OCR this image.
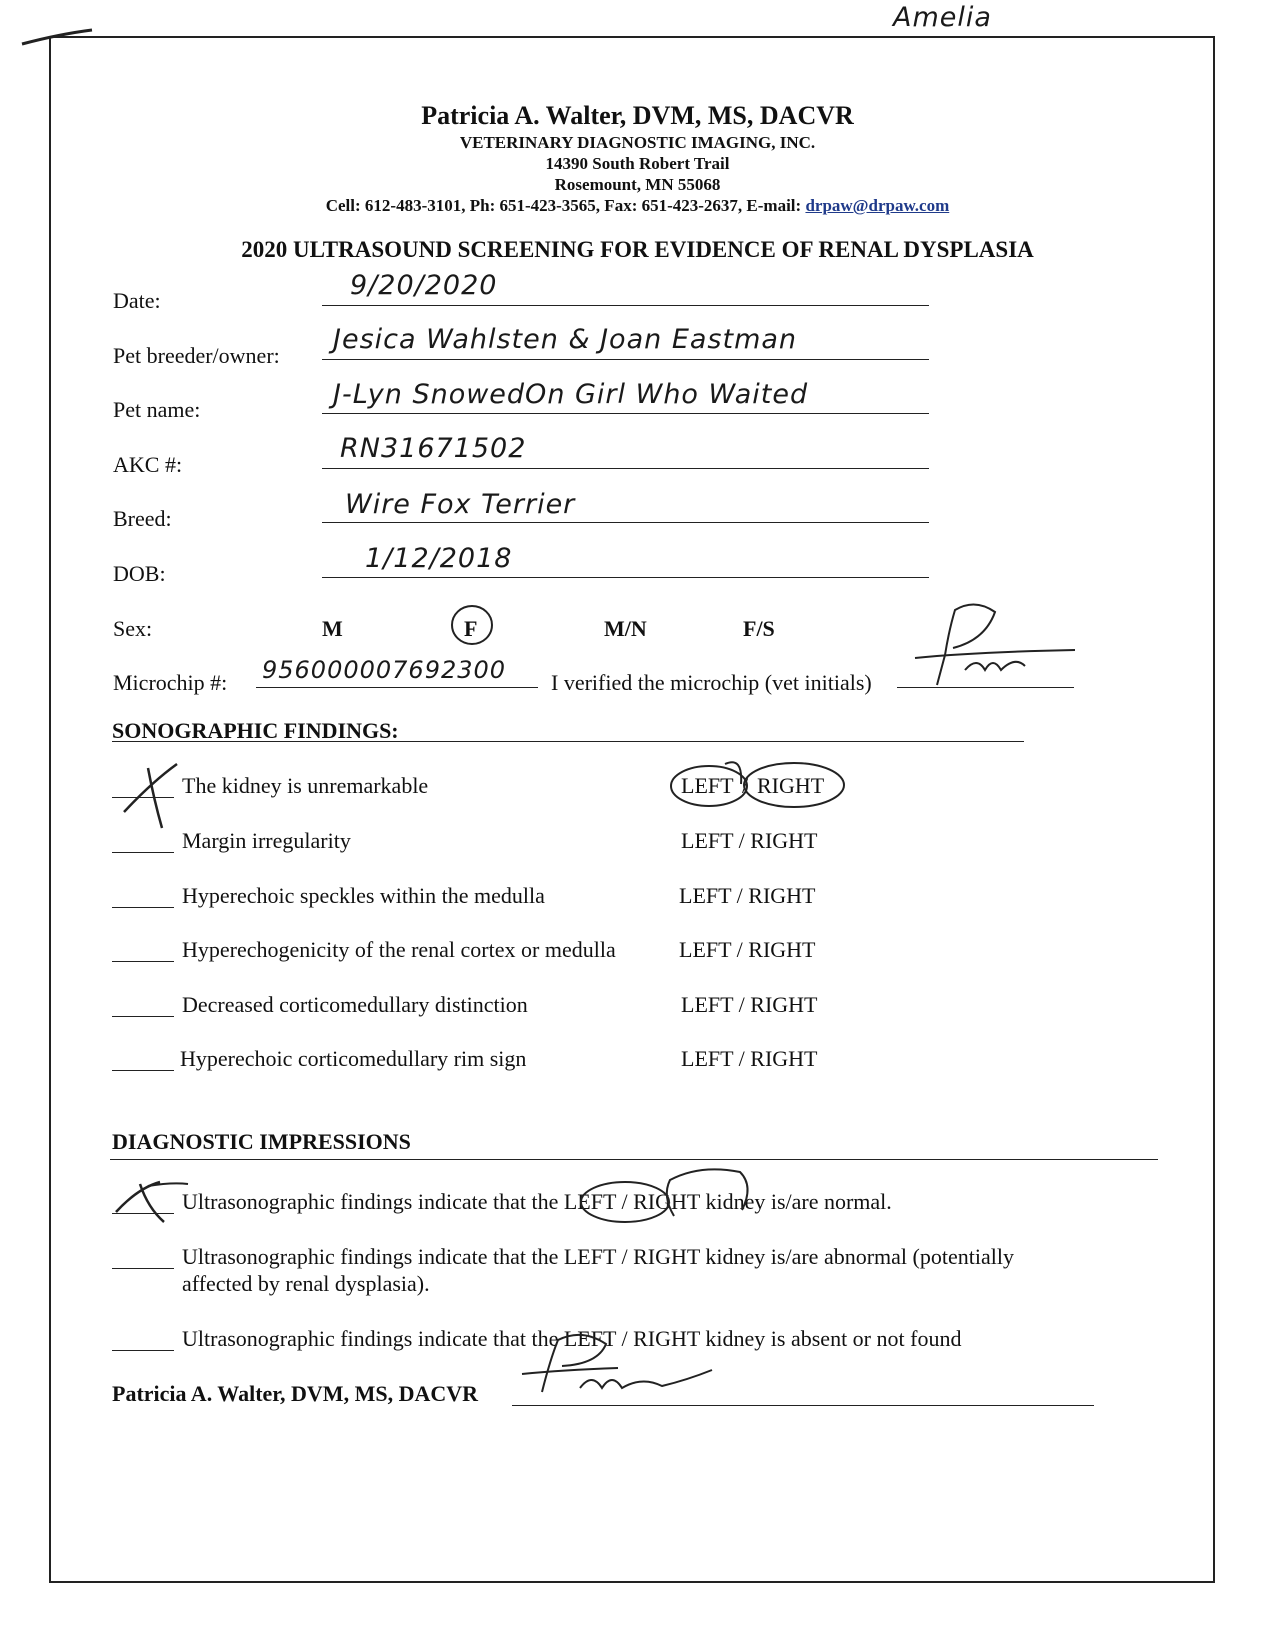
Amelia
Patricia A. Walter, DVM, MS, DACVR
VETERINARY DIAGNOSTIC IMAGING, INC.
14390 South Robert Trail
Rosemount, MN 55068
Cell: 612-483-3101, Ph: 651-423-3565, Fax: 651-423-2637, E-mail: drpaw@drpaw.com
2020 ULTRASOUND SCREENING FOR EVIDENCE OF RENAL DYSPLASIA
Date:	9/20/2020
Pet breeder/owner:
Jesica Wahlsten & Joan Eastman
Pet name:	J-Lyn SnowedOn Girl Who Waited
AKC #:
RN31671502
Breed:	Wire Fox Terrier
DOB:	1/12/2018
Sex:	M	F	M/N	F/S
Microchip #: 956000007692300 I verified the microchip (vet initials)
SONOGRAPHIC FINDINGS:
The kidney is unremarkable	LEFT / RIGHT
Margin irregularity	LEFT / RIGHT
Hyperechoic speckles within the medulla	LEFT / RIGHT
Hyperechogenicity of the renal cortex or medulla	LEFT / RIGHT
Decreased corticomedullary distinction	LEFT / RIGHT
Hyperechoic corticomedullary rim sign	LEFT / RIGHT
DIAGNOSTIC IMPRESSIONS
Ultrasonographic findings indicate that the LEFT / RIGHT kidney is/are normal.
Ultrasonographic findings indicate that the LEFT / RIGHT kidney is/are abnormal (potentially
affected by renal dysplasia).
Ultrasonographic findings indicate that the LEFT / RIGHT kidney is absent or not found
Patricia A. Walter, DVM, MS, DACVR
